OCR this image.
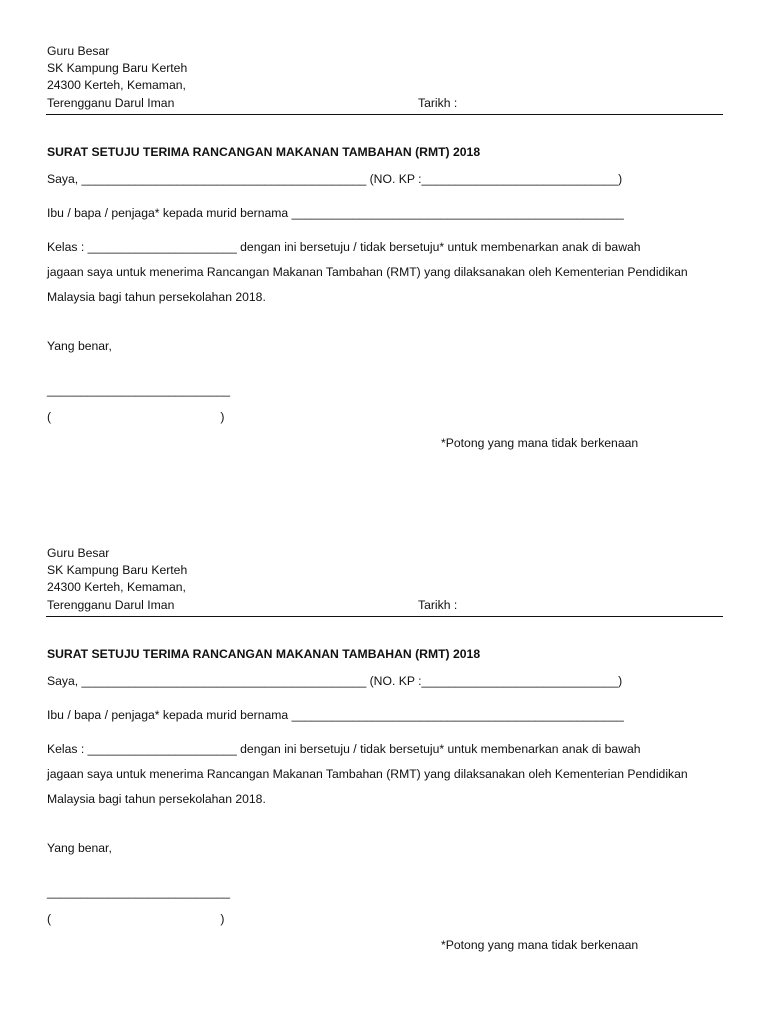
Guru Besar
SK Kampung Baru Kerteh
24300 Kerteh, Kemaman,
Terengganu Darul Iman	Tarikh :
SURAT SETUJU TERIMA RANCANGAN MAKANAN TAMBAHAN (RMT) 2018
Saya, __________________________________________ (NO. KP :_____________________________)
Ibu / bapa / penjaga* kepada murid bernama _________________________________________________
Kelas : ______________________ dengan ini bersetuju / tidak bersetuju* untuk membenarkan anak di bawah
jagaan saya untuk menerima Rancangan Makanan Tambahan (RMT) yang dilaksanakan oleh Kementerian Pendidikan
Malaysia bagi tahun persekolahan 2018.
Yang benar,
___________________________
(                                                  )
*Potong yang mana tidak berkenaan
Guru Besar
SK Kampung Baru Kerteh
24300 Kerteh, Kemaman,
Terengganu Darul Iman	Tarikh :
SURAT SETUJU TERIMA RANCANGAN MAKANAN TAMBAHAN (RMT) 2018
Saya, __________________________________________ (NO. KP :_____________________________)
Ibu / bapa / penjaga* kepada murid bernama _________________________________________________
Kelas : ______________________ dengan ini bersetuju / tidak bersetuju* untuk membenarkan anak di bawah
jagaan saya untuk menerima Rancangan Makanan Tambahan (RMT) yang dilaksanakan oleh Kementerian Pendidikan
Malaysia bagi tahun persekolahan 2018.
Yang benar,
___________________________
(                                                  )
*Potong yang mana tidak berkenaan
